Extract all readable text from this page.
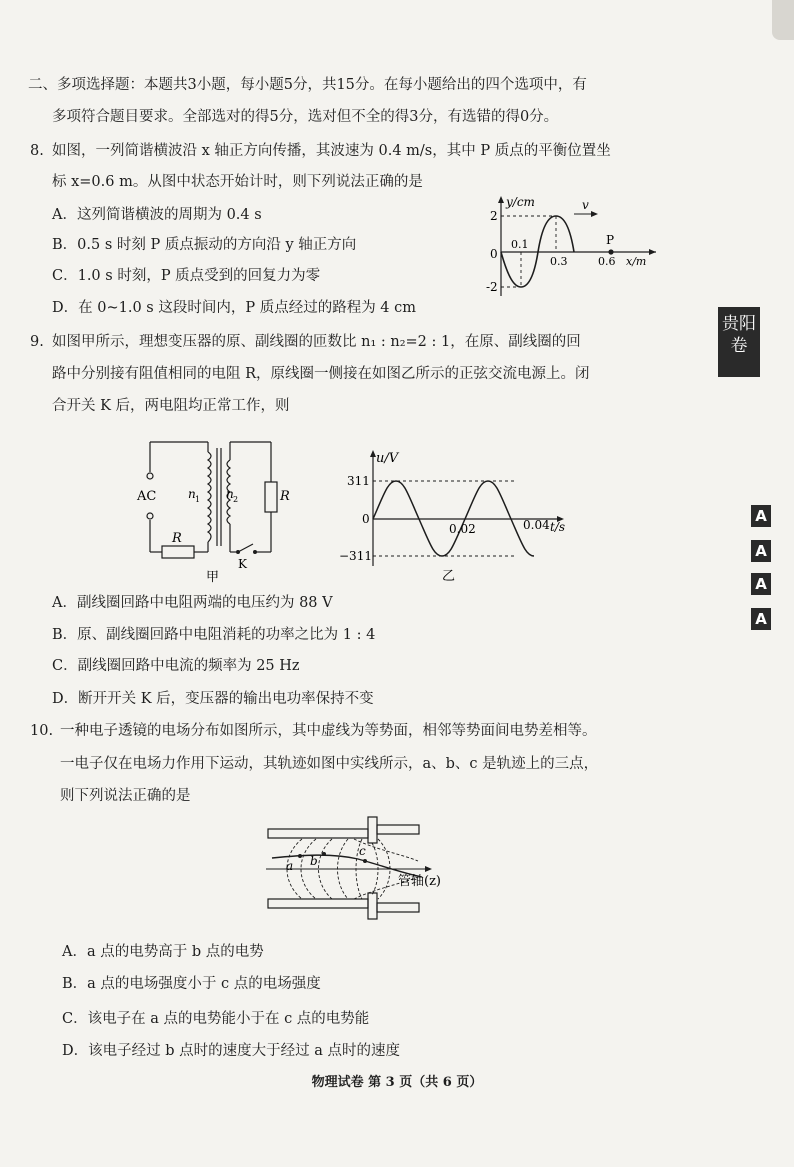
二、多项选择题：本题共3小题，每小题5分，共15分。在每小题给出的四个选项中，有
多项符合题目要求。全部选对的得5分，选对但不全的得3分，有选错的得0分。
8. 如图，一列简谐横波沿 x 轴正方向传播，其波速为 0.4 m/s，其中 P 质点的平衡位置坐
标 x=0.6 m。从图中状态开始计时，则下列说法正确的是
A．这列简谐横波的周期为 0.4 s
B．0.5 s 时刻 P 质点振动的方向沿 y 轴正方向
C．1.0 s 时刻，P 质点受到的回复力为零
D．在 0~1.0 s 这段时间内，P 质点经过的路程为 4 cm
y/cm
2
-2
0
0.1
0.3	0.6
P
v
x/m
9. 如图甲所示，理想变压器的原、副线圈的匝数比 n₁ : n₂=2 : 1，在原、副线圈的回
路中分别接有阻值相同的电阻 R，原线圈一侧接在如图乙所示的正弦交流电源上。闭
合开关 K 后，两电阻均正常工作，则
AC	n 1 n 2
R
R
K
甲
u/V
311
−311
0
0.02	0.04 t/s
乙
A．副线圈回路中电阻两端的电压约为 88 V
B．原、副线圈回路中电阻消耗的功率之比为 1 : 4
C．副线圈回路中电流的频率为 25 Hz
D．断开开关 K 后，变压器的输出电功率保持不变
10. 一种电子透镜的电场分布如图所示，其中虚线为等势面，相邻等势面间电势差相等。
一电子仅在电场力作用下运动，其轨迹如图中实线所示，a、b、c 是轨迹上的三点，
则下列说法正确的是
a b
c
管轴(z)
A．a 点的电势高于 b 点的电势
B．a 点的电场强度小于 c 点的电场强度
C．该电子在 a 点的电势能小于在 c 点的电势能
D．该电子经过 b 点时的速度大于经过 a 点时的速度
贵阳
卷
A
A
A
A
物理试卷 第 3 页（共 6 页）
